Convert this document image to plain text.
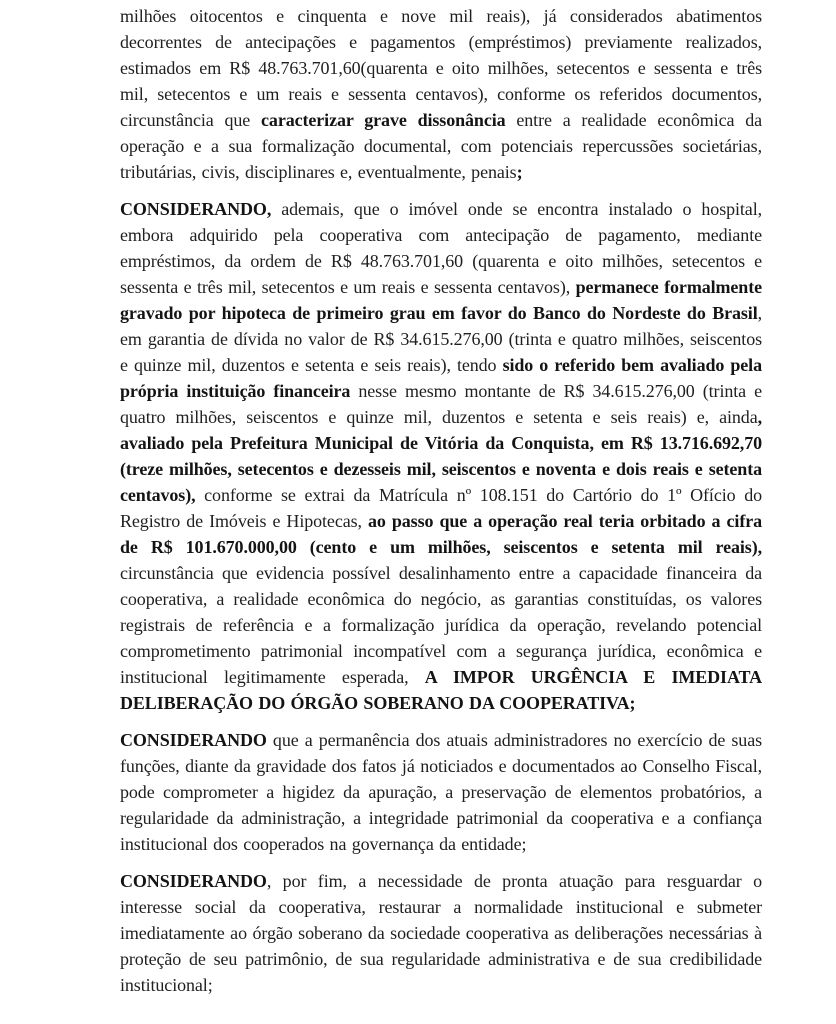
milhões oitocentos e cinquenta e nove mil reais), já considerados abatimentos decorrentes de antecipações e pagamentos (empréstimos) previamente realizados, estimados em R$ 48.763.701,60(quarenta e oito milhões, setecentos e sessenta e três mil, setecentos e um reais e sessenta centavos), conforme os referidos documentos, circunstância que caracterizar grave dissonância entre a realidade econômica da operação e a sua formalização documental, com potenciais repercussões societárias, tributárias, civis, disciplinares e, eventualmente, penais;

CONSIDERANDO, ademais, que o imóvel onde se encontra instalado o hospital, embora adquirido pela cooperativa com antecipação de pagamento, mediante empréstimos, da ordem de R$ 48.763.701,60 (quarenta e oito milhões, setecentos e sessenta e três mil, setecentos e um reais e sessenta centavos), permanece formalmente gravado por hipoteca de primeiro grau em favor do Banco do Nordeste do Brasil, em garantia de dívida no valor de R$ 34.615.276,00 (trinta e quatro milhões, seiscentos e quinze mil, duzentos e setenta e seis reais), tendo sido o referido bem avaliado pela própria instituição financeira nesse mesmo montante de R$ 34.615.276,00 (trinta e quatro milhões, seiscentos e quinze mil, duzentos e setenta e seis reais) e, ainda, avaliado pela Prefeitura Municipal de Vitória da Conquista, em R$ 13.716.692,70 (treze milhões, setecentos e dezesseis mil, seiscentos e noventa e dois reais e setenta centavos), conforme se extrai da Matrícula nº 108.151 do Cartório do 1º Ofício do Registro de Imóveis e Hipotecas, ao passo que a operação real teria orbitado a cifra de R$ 101.670.000,00 (cento e um milhões, seiscentos e setenta mil reais), circunstância que evidencia possível desalinhamento entre a capacidade financeira da cooperativa, a realidade econômica do negócio, as garantias constituídas, os valores registrais de referência e a formalização jurídica da operação, revelando potencial comprometimento patrimonial incompatível com a segurança jurídica, econômica e institucional legitimamente esperada, A IMPOR URGÊNCIA E IMEDIATA DELIBERAÇÃO DO ÓRGÃO SOBERANO DA COOPERATIVA;

CONSIDERANDO que a permanência dos atuais administradores no exercício de suas funções, diante da gravidade dos fatos já noticiados e documentados ao Conselho Fiscal, pode comprometer a higidez da apuração, a preservação de elementos probatórios, a regularidade da administração, a integridade patrimonial da cooperativa e a confiança institucional dos cooperados na governança da entidade;

CONSIDERANDO, por fim, a necessidade de pronta atuação para resguardar o interesse social da cooperativa, restaurar a normalidade institucional e submeter imediatamente ao órgão soberano da sociedade cooperativa as deliberações necessárias à proteção de seu patrimônio, de sua regularidade administrativa e de sua credibilidade institucional;
